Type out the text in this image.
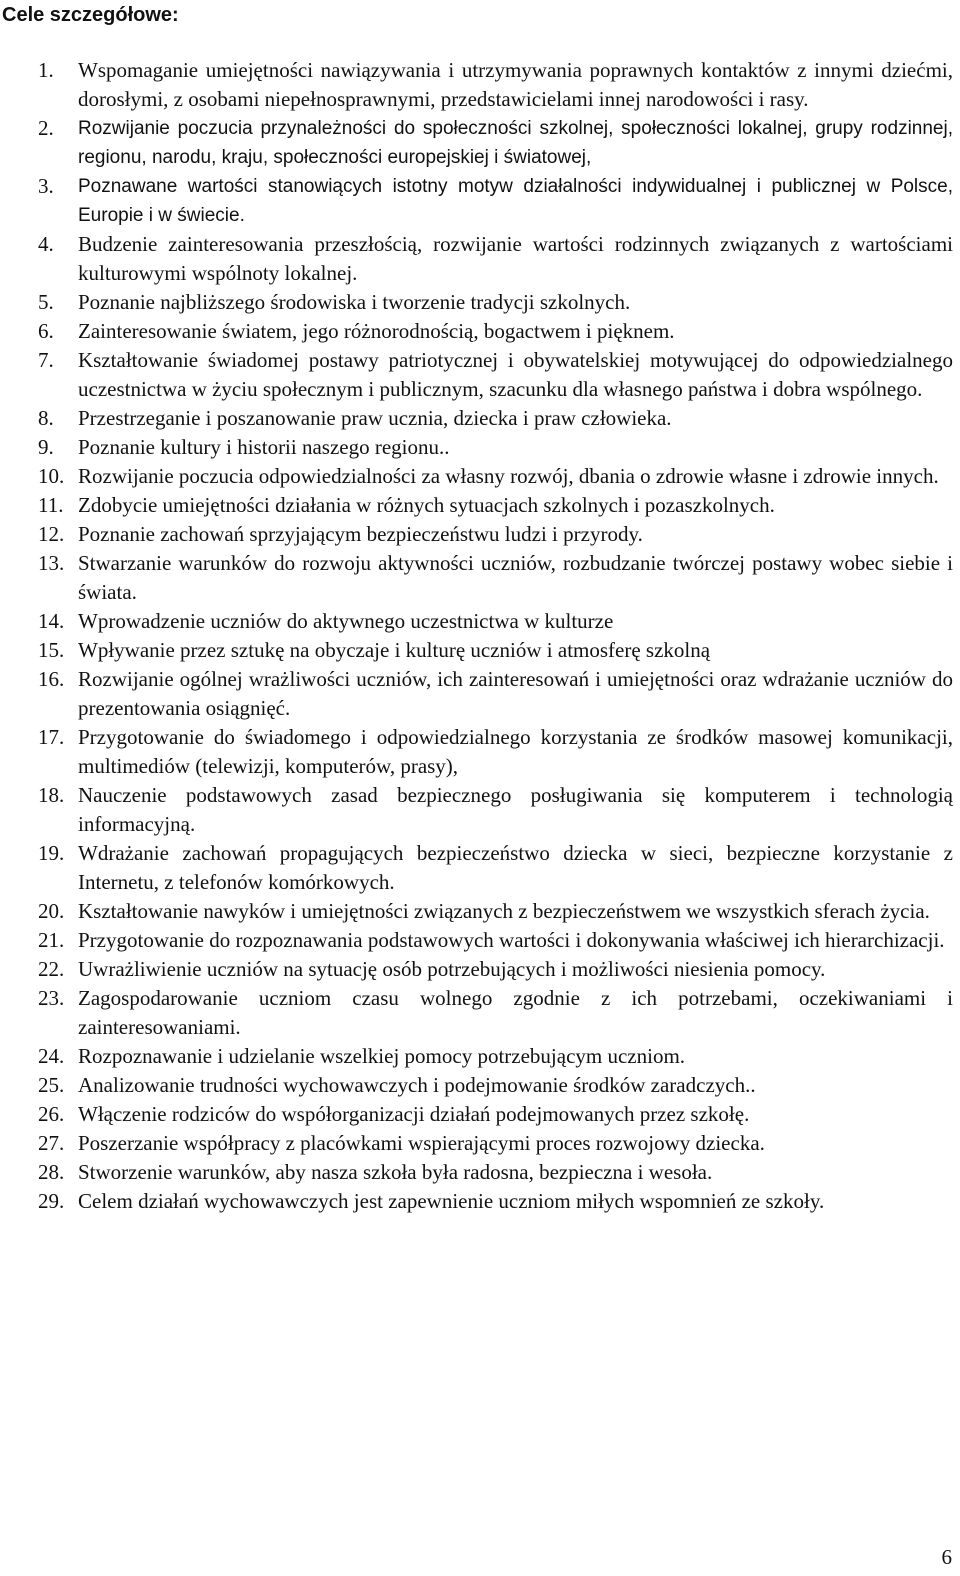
Cele szczegółowe:
1.	Wspomaganie umiejętności nawiązywania i utrzymywania poprawnych kontaktów z innymi dziećmi, dorosłymi, z osobami niepełnosprawnymi, przedstawicielami innej narodowości i rasy.
2.	Rozwijanie poczucia przynależności do społeczności szkolnej, społeczności lokalnej, grupy rodzinnej, regionu, narodu, kraju, społeczności europejskiej i światowej,
3.	Poznawane wartości stanowiących istotny motyw działalności indywidualnej i publicznej w Polsce, Europie i w świecie.
4.	Budzenie zainteresowania przeszłością, rozwijanie wartości rodzinnych związanych z wartościami kulturowymi wspólnoty lokalnej.
5.	Poznanie najbliższego środowiska i tworzenie tradycji szkolnych.
6.	Zainteresowanie światem, jego różnorodnością, bogactwem i pięknem.
7.	Kształtowanie świadomej postawy patriotycznej i obywatelskiej motywującej do odpowiedzialnego uczestnictwa w życiu społecznym i publicznym, szacunku dla własnego państwa i dobra wspólnego.
8.	Przestrzeganie i poszanowanie praw ucznia, dziecka i praw człowieka.
9.	Poznanie kultury i historii naszego regionu..
10. Rozwijanie poczucia odpowiedzialności za własny rozwój, dbania o zdrowie własne i zdrowie innych.
11. Zdobycie umiejętności działania w różnych sytuacjach szkolnych i pozaszkolnych.
12. Poznanie zachowań sprzyjającym bezpieczeństwu ludzi i przyrody.
13. Stwarzanie warunków do rozwoju aktywności uczniów, rozbudzanie twórczej postawy wobec siebie i świata.
14. Wprowadzenie uczniów do aktywnego uczestnictwa w kulturze
15. Wpływanie przez sztukę na obyczaje i kulturę uczniów i atmosferę szkolną
16. Rozwijanie ogólnej wrażliwości uczniów, ich zainteresowań i umiejętności oraz wdrażanie uczniów do prezentowania osiągnięć.
17. Przygotowanie do świadomego i odpowiedzialnego korzystania ze środków masowej komunikacji, multimediów (telewizji, komputerów, prasy),
18. Nauczenie podstawowych zasad bezpiecznego posługiwania się komputerem i technologią informacyjną.
19. Wdrażanie zachowań propagujących bezpieczeństwo dziecka w sieci, bezpieczne korzystanie z Internetu, z telefonów komórkowych.
20. Kształtowanie nawyków i umiejętności związanych z bezpieczeństwem we wszystkich sferach życia.
21. Przygotowanie do rozpoznawania podstawowych wartości i dokonywania właściwej ich hierarchizacji.
22. Uwrażliwienie uczniów na sytuację osób potrzebujących i możliwości niesienia pomocy.
23. Zagospodarowanie uczniom czasu wolnego zgodnie z ich potrzebami, oczekiwaniami i zainteresowaniami.
24. Rozpoznawanie i udzielanie wszelkiej pomocy potrzebującym uczniom.
25. Analizowanie trudności wychowawczych i podejmowanie środków zaradczych..
26. Włączenie rodziców do współorganizacji działań podejmowanych przez szkołę.
27. Poszerzanie współpracy z placówkami wspierającymi proces rozwojowy dziecka.
28. Stworzenie warunków, aby nasza szkoła była radosna, bezpieczna i wesoła.
29. Celem działań wychowawczych jest zapewnienie uczniom miłych wspomnień ze szkoły.
6
